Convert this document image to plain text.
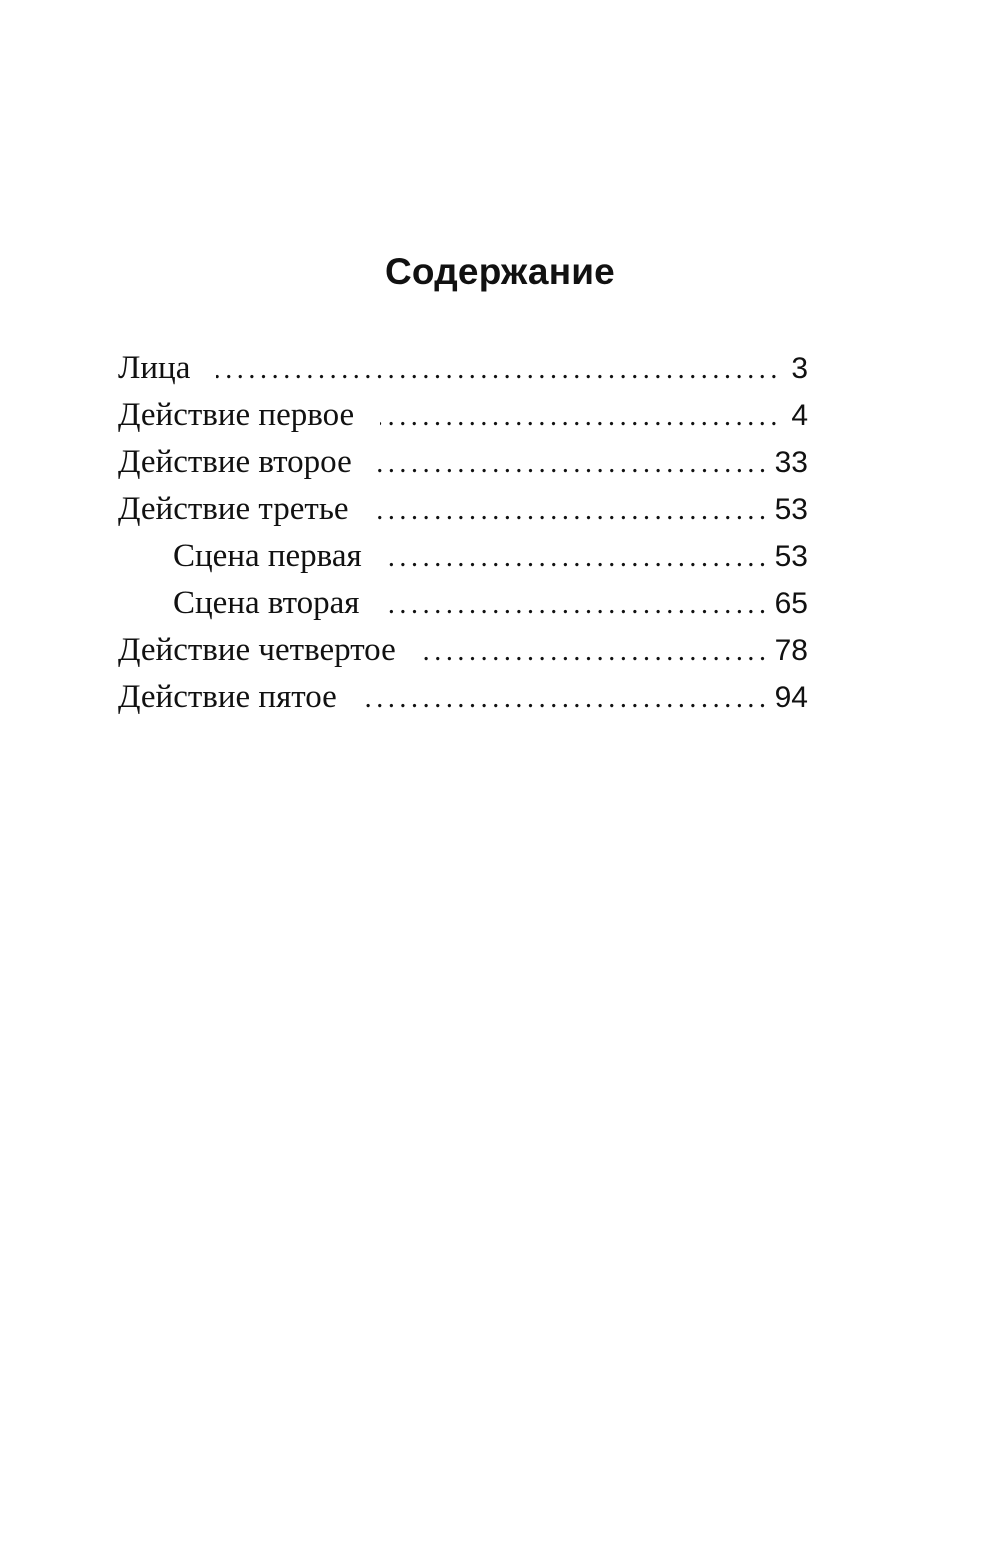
Содержание
Лица .....	3
Действие первое .....	4
Действие второе .....	33
Действие третье .....	53
Сцена первая .....	53
Сцена вторая .....	65
Действие четвертое .....	78
Действие пятое .....	94
